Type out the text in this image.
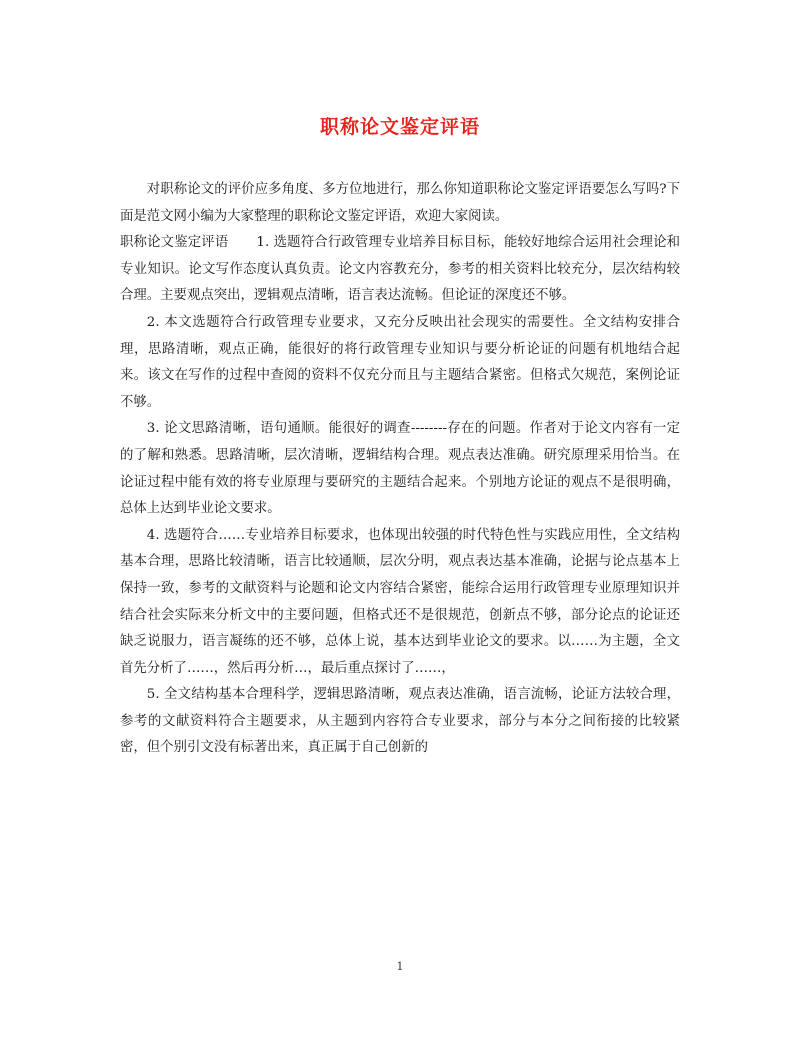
职称论文鉴定评语

对职称论文的评价应多角度、多方位地进行，那么你知道职称论文鉴定评语要怎么写吗?下面是范文网小编为大家整理的职称论文鉴定评语，欢迎大家阅读。

职称论文鉴定评语 1. 选题符合行政管理专业培养目标目标，能较好地综合运用社会理论和专业知识。论文写作态度认真负责。论文内容教充分，参考的相关资料比较充分，层次结构较合理。主要观点突出，逻辑观点清晰，语言表达流畅。但论证的深度还不够。

2. 本文选题符合行政管理专业要求，又充分反映出社会现实的需要性。全文结构安排合理，思路清晰，观点正确，能很好的将行政管理专业知识与要分析论证的问题有机地结合起来。该文在写作的过程中查阅的资料不仅充分而且与主题结合紧密。但格式欠规范，案例论证不够。

3. 论文思路清晰，语句通顺。能很好的调查--------存在的问题。作者对于论文内容有一定的了解和熟悉。思路清晰，层次清晰，逻辑结构合理。观点表达准确。研究原理采用恰当。在论证过程中能有效的将专业原理与要研究的主题结合起来。个别地方论证的观点不是很明确，总体上达到毕业论文要求。

4. 选题符合……专业培养目标要求，也体现出较强的时代特色性与实践应用性，全文结构基本合理，思路比较清晰，语言比较通顺，层次分明，观点表达基本准确，论据与论点基本上保持一致，参考的文献资料与论题和论文内容结合紧密，能综合运用行政管理专业原理知识并结合社会实际来分析文中的主要问题，但格式还不是很规范，创新点不够，部分论点的论证还缺乏说服力，语言凝练的还不够，总体上说，基本达到毕业论文的要求。以……为主题，全文首先分析了……，然后再分析…，最后重点探讨了……，

5. 全文结构基本合理科学，逻辑思路清晰，观点表达准确，语言流畅，论证方法较合理，参考的文献资料符合主题要求，从主题到内容符合专业要求，部分与本分之间衔接的比较紧密，但个别引文没有标著出来，真正属于自己创新的

1
